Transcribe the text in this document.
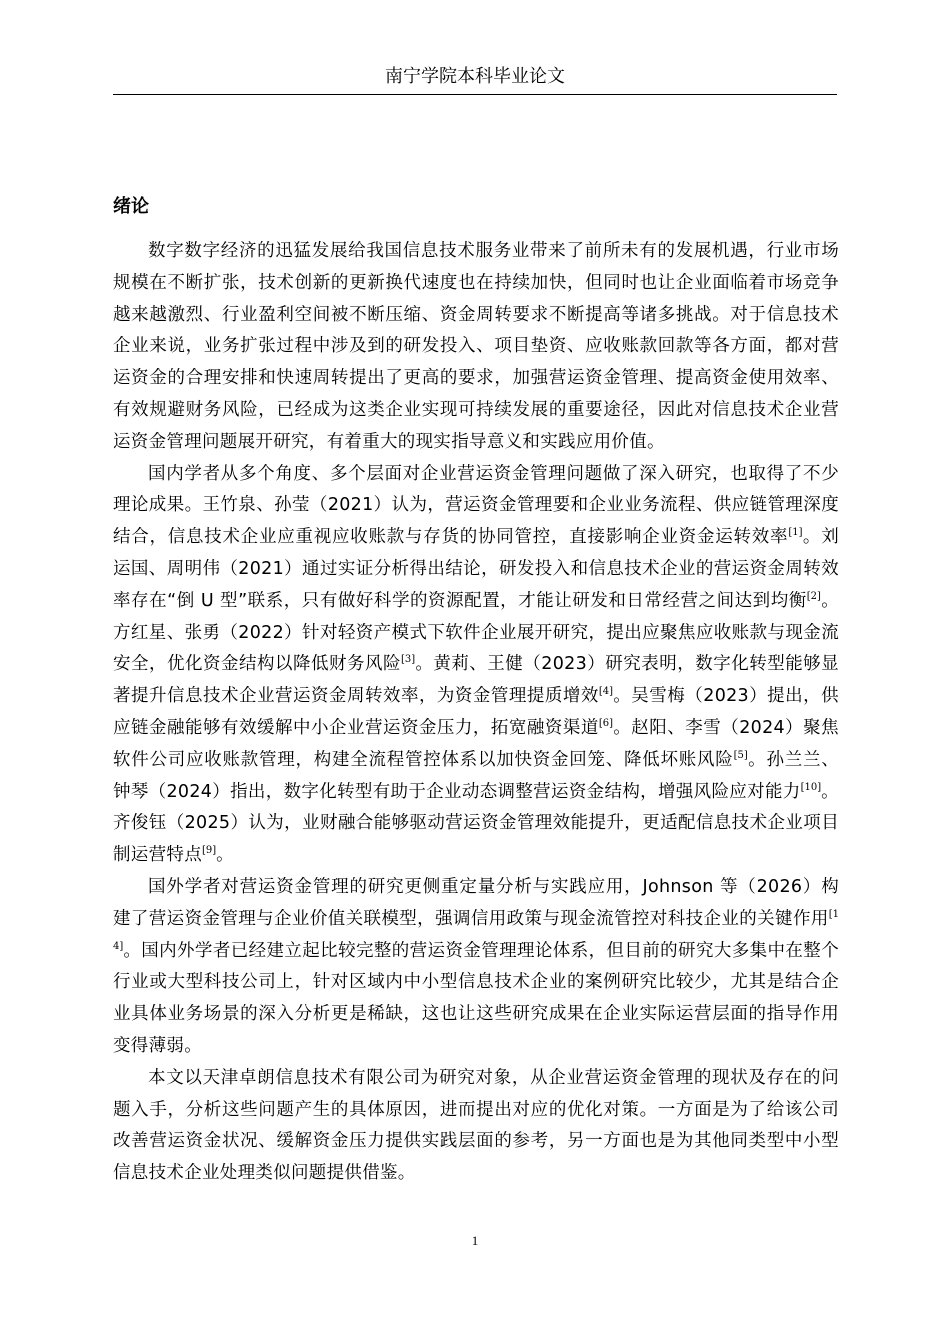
南宁学院本科毕业论文
绪论

数字数字经济的迅猛发展给我国信息技术服务业带来了前所未有的发展机遇，行业市场规模在不断扩张，技术创新的更新换代速度也在持续加快，但同时也让企业面临着市场竞争越来越激烈、行业盈利空间被不断压缩、资金周转要求不断提高等诸多挑战。对于信息技术企业来说，业务扩张过程中涉及到的研发投入、项目垫资、应收账款回款等各方面，都对营运资金的合理安排和快速周转提出了更高的要求，加强营运资金管理、提高资金使用效率、有效规避财务风险，已经成为这类企业实现可持续发展的重要途径，因此对信息技术企业营运资金管理问题展开研究，有着重大的现实指导意义和实践应用价值。

国内学者从多个角度、多个层面对企业营运资金管理问题做了深入研究，也取得了不少理论成果。王竹泉、孙莹（2021）认为，营运资金管理要和企业业务流程、供应链管理深度结合，信息技术企业应重视应收账款与存货的协同管控，直接影响企业资金运转效率[1]。刘运国、周明伟（2021）通过实证分析得出结论，研发投入和信息技术企业的营运资金周转效率存在“倒 U 型”联系，只有做好科学的资源配置，才能让研发和日常经营之间达到均衡[2]。方红星、张勇（2022）针对轻资产模式下软件企业展开研究，提出应聚焦应收账款与现金流安全，优化资金结构以降低财务风险[3]。黄莉、王健（2023）研究表明，数字化转型能够显著提升信息技术企业营运资金周转效率，为资金管理提质增效[4]。吴雪梅（2023）提出，供应链金融能够有效缓解中小企业营运资金压力，拓宽融资渠道[6]。赵阳、李雪（2024）聚焦软件公司应收账款管理，构建全流程管控体系以加快资金回笼、降低坏账风险[5]。孙兰兰、钟琴（2024）指出，数字化转型有助于企业动态调整营运资金结构，增强风险应对能力[10]。齐俊钰（2025）认为，业财融合能够驱动营运资金管理效能提升，更适配信息技术企业项目制运营特点[9]。

国外学者对营运资金管理的研究更侧重定量分析与实践应用，Johnson 等（2026）构建了营运资金管理与企业价值关联模型，强调信用政策与现金流管控对科技企业的关键作用[14]。国内外学者已经建立起比较完整的营运资金管理理论体系，但目前的研究大多集中在整个行业或大型科技公司上，针对区域内中小型信息技术企业的案例研究比较少，尤其是结合企业具体业务场景的深入分析更是稀缺，这也让这些研究成果在企业实际运营层面的指导作用变得薄弱。

本文以天津卓朗信息技术有限公司为研究对象，从企业营运资金管理的现状及存在的问题入手，分析这些问题产生的具体原因，进而提出对应的优化对策。一方面是为了给该公司改善营运资金状况、缓解资金压力提供实践层面的参考，另一方面也是为其他同类型中小型信息技术企业处理类似问题提供借鉴。

1
